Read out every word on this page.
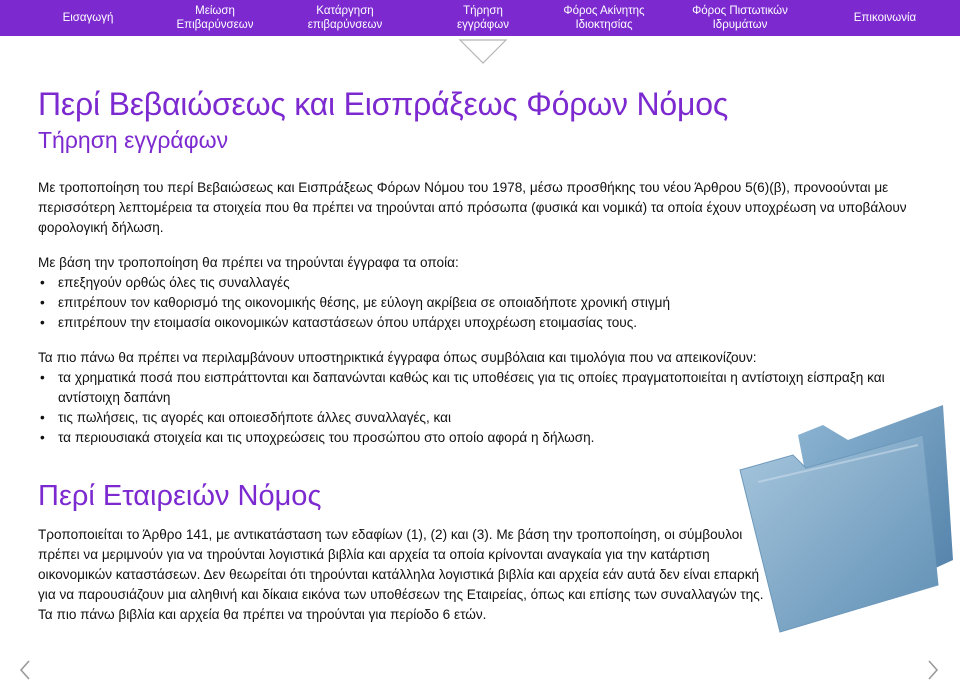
Εισαγωγή
Μείωση
Επιβαρύνσεων
Κατάργηση
επιβαρύνσεων
Τήρηση
εγγράφων
Φόρος Ακίνητης
Ιδιοκτησίας
Φόρος Πιστωτικών
Ιδρυμάτων
Επικοινωνία
Περί Βεβαιώσεως και Εισπράξεως Φόρων Νόμος
Τήρηση εγγράφων
Με τροποποίηση του περί Βεβαιώσεως και Εισπράξεως Φόρων Νόμου του 1978, μέσω προσθήκης του νέου Άρθρου 5(6)(β), προνοούνται με περισσότερη λεπτομέρεια τα στοιχεία που θα πρέπει να τηρούνται από πρόσωπα (φυσικά και νομικά) τα οποία έχουν υποχρέωση να υποβάλουν φορολογική δήλωση.
Με βάση την τροποποίηση θα πρέπει να τηρούνται έγγραφα τα οποία:
• επεξηγούν ορθώς όλες τις συναλλαγές
• επιτρέπουν τον καθορισμό της οικονομικής θέσης, με εύλογη ακρίβεια σε οποιαδήποτε χρονική στιγμή
• επιτρέπουν την ετοιμασία οικονομικών καταστάσεων όπου υπάρχει υποχρέωση ετοιμασίας τους.
Τα πιο πάνω θα πρέπει να περιλαμβάνουν υποστηρικτικά έγγραφα όπως συμβόλαια και τιμολόγια που να απεικονίζουν:
• τα χρηματικά ποσά που εισπράττονται και δαπανώνται καθώς και τις υποθέσεις για τις οποίες πραγματοποιείται η αντίστοιχη είσπραξη και αντίστοιχη δαπάνη
• τις πωλήσεις, τις αγορές και οποιεσδήποτε άλλες συναλλαγές, και
• τα περιουσιακά στοιχεία και τις υποχρεώσεις του προσώπου στο οποίο αφορά η δήλωση.
Περί Εταιρειών Νόμος
Τροποποιείται το Άρθρο 141, με αντικατάσταση των εδαφίων (1), (2) και (3). Με βάση την τροποποίηση, οι σύμβουλοι πρέπει να μεριμνούν για να τηρούνται λογιστικά βιβλία και αρχεία τα οποία κρίνονται αναγκαία για την κατάρτιση οικονομικών καταστάσεων. Δεν θεωρείται ότι τηρούνται κατάλληλα λογιστικά βιβλία και αρχεία εάν αυτά δεν είναι επαρκή για να παρουσιάζουν μια αληθινή και δίκαια εικόνα των υποθέσεων της Εταιρείας, όπως και επίσης των συναλλαγών της. Τα πιο πάνω βιβλία και αρχεία θα πρέπει να τηρούνται για περίοδο 6 ετών.
